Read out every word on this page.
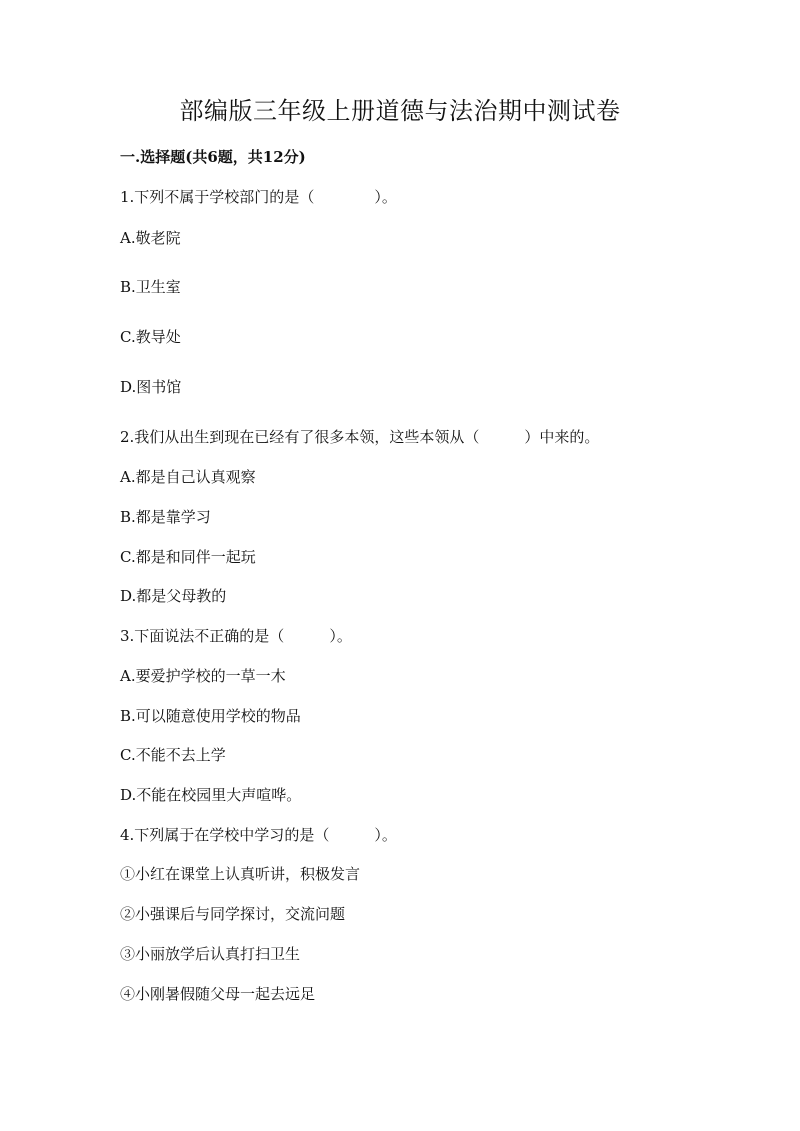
部编版三年级上册道德与法治期中测试卷

一.选择题(共6题，共12分)

1.下列不属于学校部门的是（　　　　）。

A.敬老院

B.卫生室

C.教导处

D.图书馆

2.我们从出生到现在已经有了很多本领，这些本领从（　　　）中来的。

A.都是自己认真观察

B.都是靠学习

C.都是和同伴一起玩

D.都是父母教的

3.下面说法不正确的是（　　　）。

A.要爱护学校的一草一木

B.可以随意使用学校的物品

C.不能不去上学

D.不能在校园里大声喧哗。

4.下列属于在学校中学习的是（　　　）。

①小红在课堂上认真听讲，积极发言

②小强课后与同学探讨，交流问题

③小丽放学后认真打扫卫生

④小刚暑假随父母一起去远足
